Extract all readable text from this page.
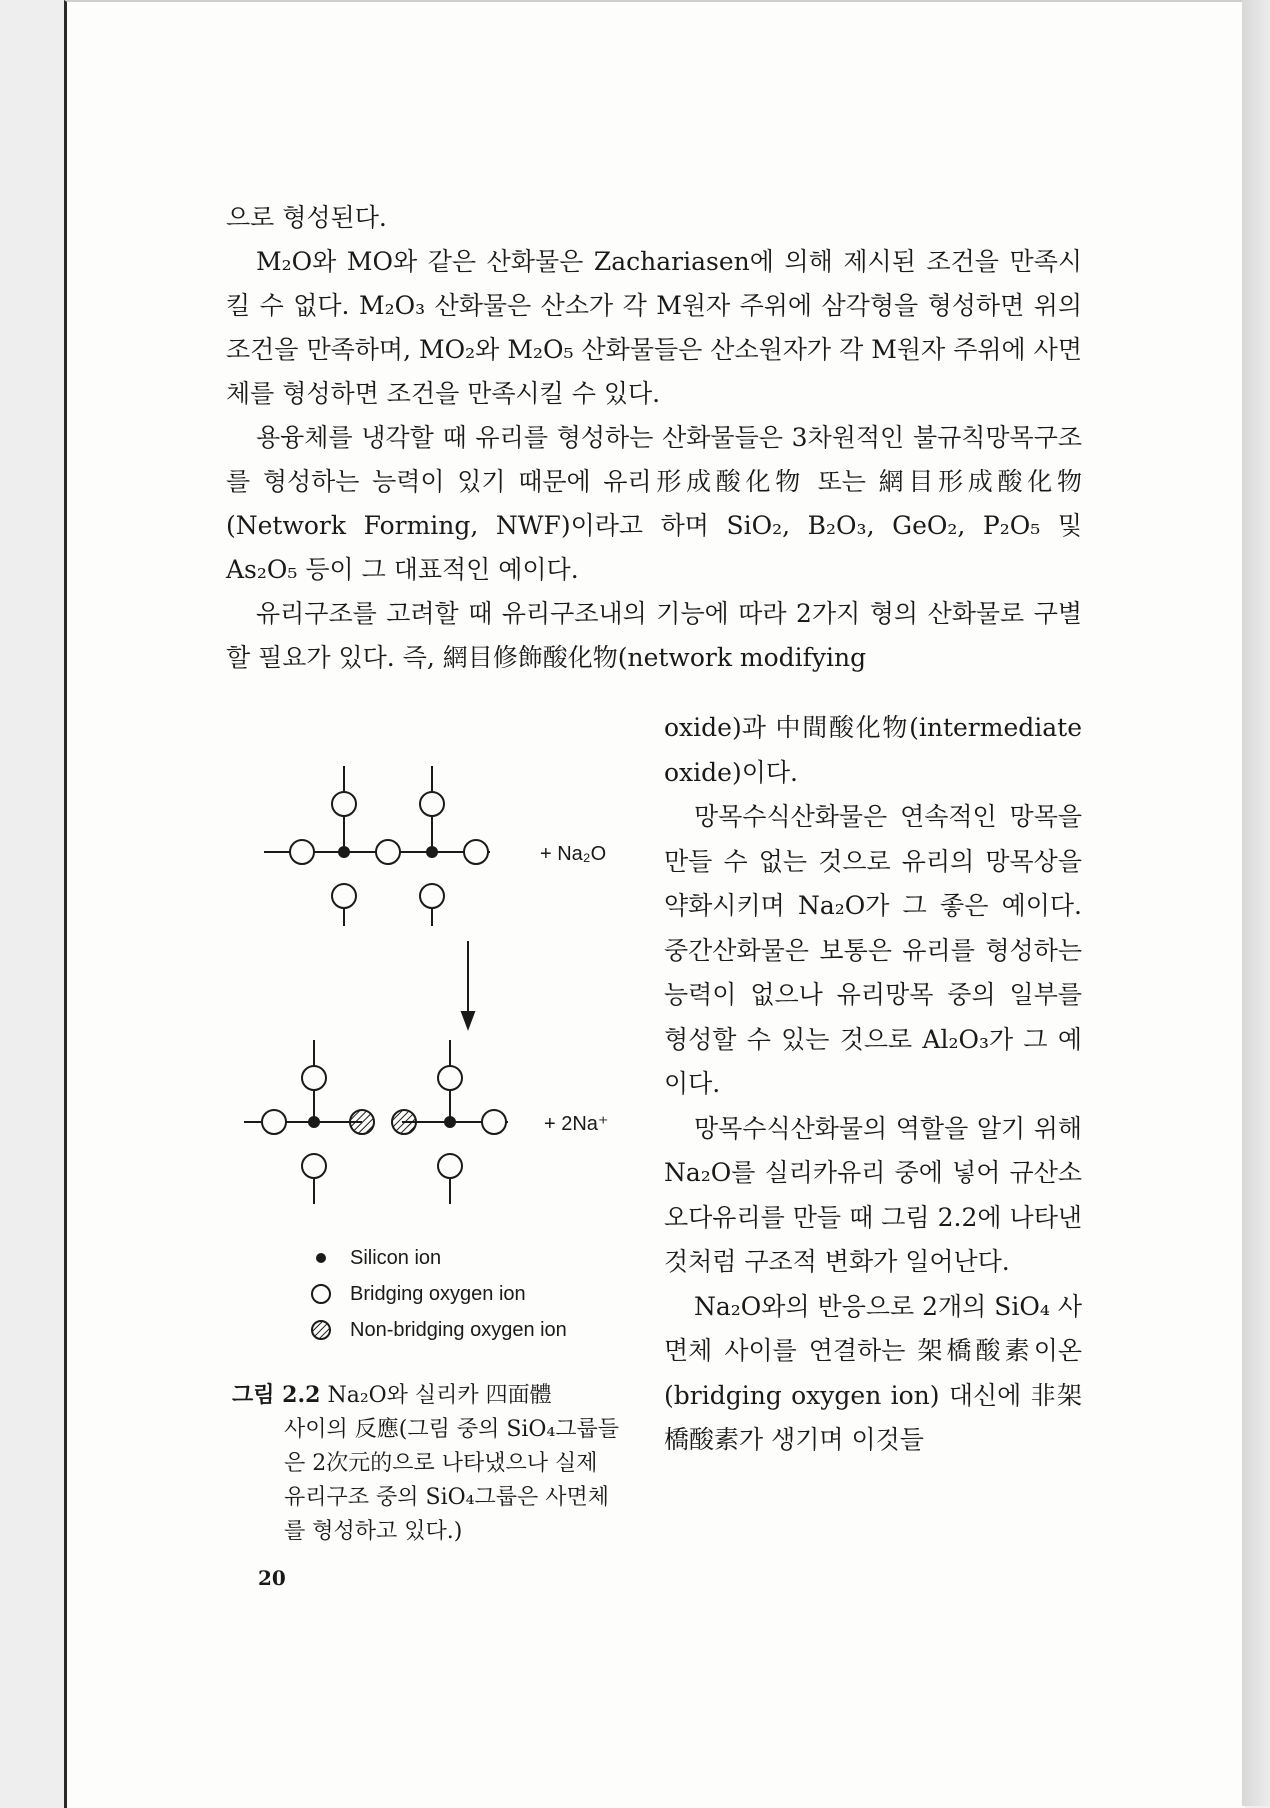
으로 형성된다.

M₂O와 MO와 같은 산화물은 Zachariasen에 의해 제시된 조건을 만족시킬 수 없다. M₂O₃ 산화물은 산소가 각 M원자 주위에 삼각형을 형성하면 위의 조건을 만족하며, MO₂와 M₂O₅ 산화물들은 산소원자가 각 M원자 주위에 사면체를 형성하면 조건을 만족시킬 수 있다.

용융체를 냉각할 때 유리를 형성하는 산화물들은 3차원적인 불규칙망목구조를 형성하는 능력이 있기 때문에 유리形成酸化物 또는 網目形成酸化物(Network Forming, NWF)이라고 하며 SiO₂, B₂O₃, GeO₂, P₂O₅ 및 As₂O₅ 등이 그 대표적인 예이다.

유리구조를 고려할 때 유리구조내의 기능에 따라 2가지 형의 산화물로 구별할 필요가 있다. 즉, 網目修飾酸化物(network modifying

oxide)과 中間酸化物(intermediate oxide)이다.

망목수식산화물은 연속적인 망목을 만들 수 없는 것으로 유리의 망목상을 약화시키며 Na₂O가 그 좋은 예이다. 중간산화물은 보통은 유리를 형성하는 능력이 없으나 유리망목 중의 일부를 형성할 수 있는 것으로 Al₂O₃가 그 예이다.

망목수식산화물의 역할을 알기 위해 Na₂O를 실리카유리 중에 넣어 규산소오다유리를 만들 때 그림 2.2에 나타낸 것처럼 구조적 변화가 일어난다.

Na₂O와의 반응으로 2개의 SiO₄ 사면체 사이를 연결하는 架橋酸素이온(bridging oxygen ion) 대신에 非架橋酸素가 생기며 이것들

+ Na₂O
+ 2Na⁺
Silicon ion
Bridging oxygen ion
Non-bridging oxygen ion
그림 2.2 Na₂O와 실리카 四面體
사이의 反應(그림 중의 SiO₄그룹들은 2次元的으로 나타냈으나 실제 유리구조 중의 SiO₄그룹은 사면체를 형성하고 있다.)
20
